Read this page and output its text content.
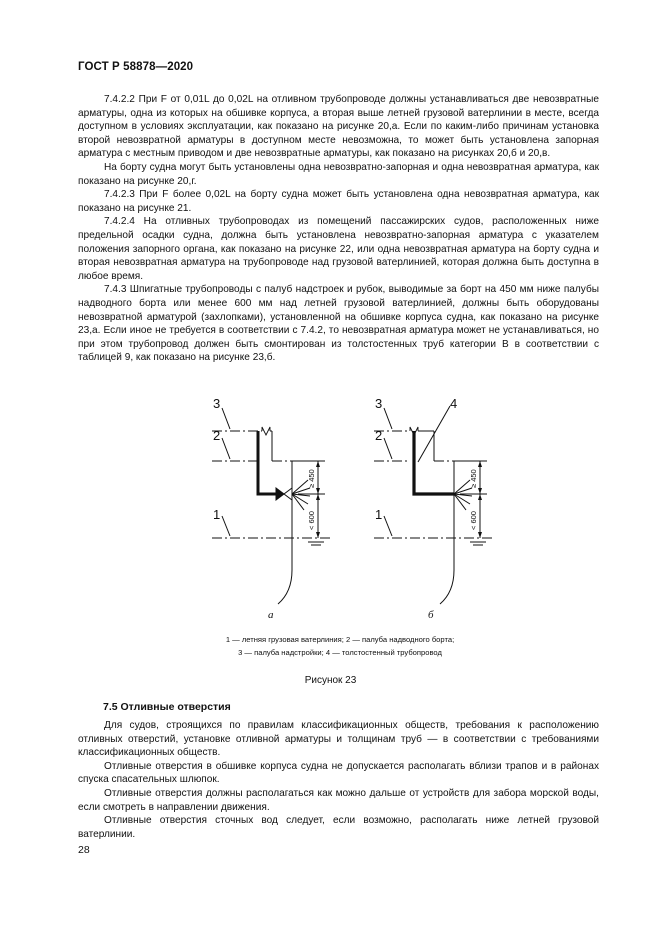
ГОСТ Р 58878—2020

7.4.2.2 При F от 0,01L до 0,02L на отливном трубопроводе должны устанавливаться две невозвратные арматуры, одна из которых на обшивке корпуса, а вторая выше летней грузовой ватерлинии в месте, всегда доступном в условиях эксплуатации, как показано на рисунке 20,а. Если по каким-либо причинам установка второй невозвратной арматуры в доступном месте невозможна, то может быть установлена запорная арматура с местным приводом и две невозвратные арматуры, как показано на рисунках 20,б и 20,в.

На борту судна могут быть установлены одна невозвратно-запорная и одна невозвратная арматура, как показано на рисунке 20,г.

7.4.2.3 При F более 0,02L на борту судна может быть установлена одна невозвратная арматура, как показано на рисунке 21.

7.4.2.4 На отливных трубопроводах из помещений пассажирских судов, расположенных ниже предельной осадки судна, должна быть установлена невозвратно-запорная арматура с указателем положения запорного органа, как показано на рисунке 22, или одна невозвратная арматура на борту судна и вторая невозвратная арматура на трубопроводе над грузовой ватерлинией, которая должна быть доступна в любое время.

7.4.3 Шпигатные трубопроводы с палуб надстроек и рубок, выводимые за борт на 450 мм ниже палубы надводного борта или менее 600 мм над летней грузовой ватерлинией, должны быть оборудованы невозвратной арматурой (захлопками), установленной на обшивке корпуса судна, как показано на рисунке 23,а. Если иное не требуется в соответствии с 7.4.2, то невозвратная арматура может не устанавливаться, но при этом трубопровод должен быть смонтирован из толстостенных труб категории В в соответствии с таблицей 9, как показано на рисунке 23,б.

3
2
1
3
2
1
4
≥ 450
< 600
≥ 450
< 600
а	б
1 — летняя грузовая ватерлиния; 2 — палуба надводного борта;
3 — палуба надстройки; 4 — толстостенный трубопровод
Рисунок 23
7.5 Отливные отверстия

Для судов, строящихся по правилам классификационных обществ, требования к расположению отливных отверстий, установке отливной арматуры и толщинам труб — в соответствии с требованиями классификационных обществ.

Отливные отверстия в обшивке корпуса судна не допускается располагать вблизи трапов и в районах спуска спасательных шлюпок.

Отливные отверстия должны располагаться как можно дальше от устройств для забора морской воды, если смотреть в направлении движения.

Отливные отверстия сточных вод следует, если возможно, располагать ниже летней грузовой ватерлинии.

28
